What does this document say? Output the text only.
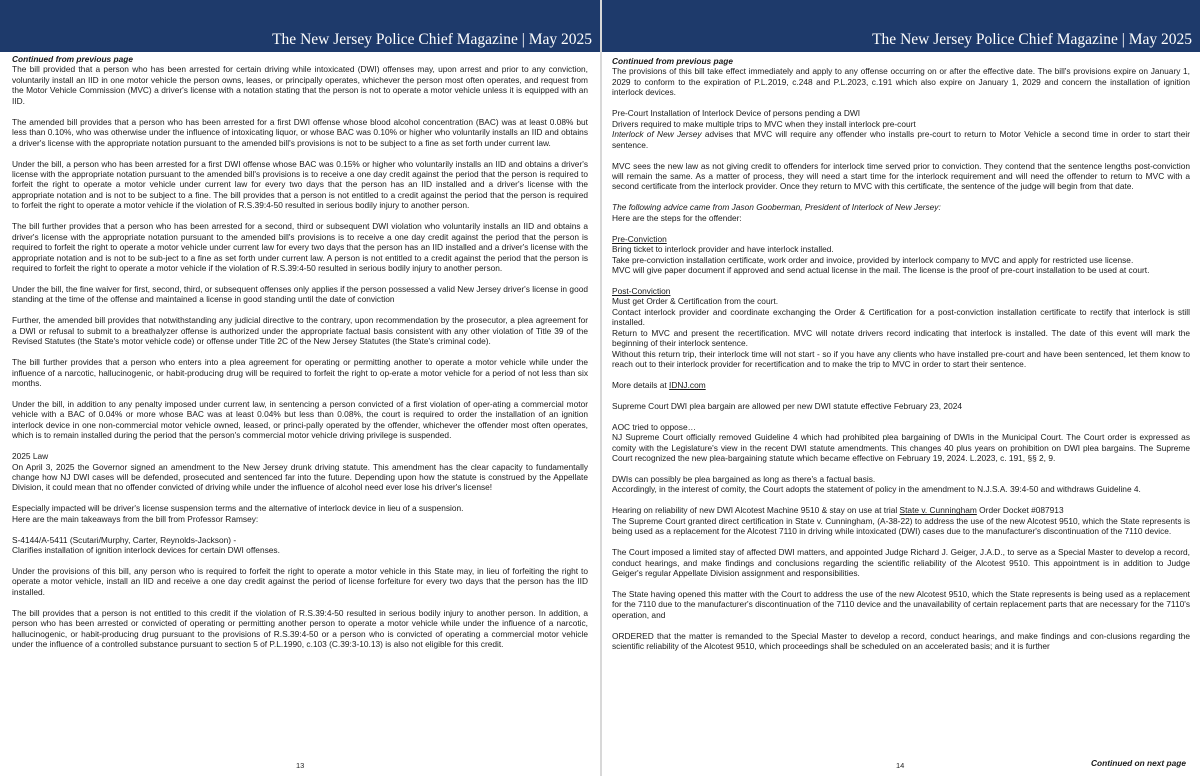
The New Jersey Police Chief Magazine | May 2025

Continued from previous page

The bill provided that a person who has been arrested for certain driving while intoxicated (DWI) offenses may, upon arrest and prior to any conviction, voluntarily install an IID in one motor vehicle the person owns, leases, or principally operates, whichever the person most often operates, and request from the Motor Vehicle Commission (MVC) a driver's license with a notation stating that the person is not to operate a motor vehicle unless it is equipped with an IID.

The amended bill provides that a person who has been arrested for a first DWI offense whose blood alcohol concentration (BAC) was at least 0.08% but less than 0.10%, who was otherwise under the influence of intoxicating liquor, or whose BAC was 0.10% or higher who voluntarily installs an IID and obtains a driver's license with the appropriate notation pursuant to the amended bill's provisions is not to be subject to a fine as set forth under current law.

Under the bill, a person who has been arrested for a first DWI offense whose BAC was 0.15% or higher who voluntarily installs an IID and obtains a driver's license with the appropriate notation pursuant to the amended bill's provisions is to receive a one day credit against the period that the person is required to forfeit the right to operate a motor vehicle under current law for every two days that the person has an IID installed and a driver's license with the appropriate notation and is not to be subject to a fine. The bill provides that a person is not entitled to a credit against the period that the person is required to forfeit the right to operate a motor vehicle if the violation of R.S.39:4-50 resulted in serious bodily injury to another person.

The bill further provides that a person who has been arrested for a second, third or subsequent DWI violation who voluntarily installs an IID and obtains a driver's license with the appropriate notation pursuant to the amended bill's provisions is to receive a one day credit against the period that the person is required to forfeit the right to operate a motor vehicle under current law for every two days that the person has an IID installed and a driver's license with the appropriate notation and is not to be sub-ject to a fine as set forth under current law. A person is not entitled to a credit against the period that the person is required to forfeit the right to operate a motor vehicle if the violation of R.S.39:4-50 resulted in serious bodily injury to another person.

Under the bill, the fine waiver for first, second, third, or subsequent offenses only applies if the person possessed a valid New Jersey driver's license in good standing at the time of the offense and maintained a license in good standing until the date of conviction

Further, the amended bill provides that notwithstanding any judicial directive to the contrary, upon recommendation by the prosecutor, a plea agreement for a DWI or refusal to submit to a breathalyzer offense is authorized under the appropriate factual basis consistent with any other violation of Title 39 of the Revised Statutes (the State's motor vehicle code) or offense under Title 2C of the New Jersey Statutes (the State's criminal code).

The bill further provides that a person who enters into a plea agreement for operating or permitting another to operate a motor vehicle while under the influence of a narcotic, hallucinogenic, or habit-producing drug will be required to forfeit the right to op-erate a motor vehicle for a period of not less than six months.

Under the bill, in addition to any penalty imposed under current law, in sentencing a person convicted of a first violation of oper-ating a commercial motor vehicle with a BAC of 0.04% or more whose BAC was at least 0.04% but less than 0.08%, the court is required to order the installation of an ignition interlock device in one non-commercial motor vehicle owned, leased, or princi-pally operated by the offender, whichever the offender most often operates, which is to remain installed during the period that the person's commercial motor vehicle driving privilege is suspended.

2025 Law

On April 3, 2025 the Governor signed an amendment to the New Jersey drunk driving statute. This amendment has the clear capacity to fundamentally change how NJ DWI cases will be defended, prosecuted and sentenced far into the future. Depending upon how the statute is construed by the Appellate Division, it could mean that no offender convicted of driving while under the influence of alcohol need ever lose his driver's license!

Especially impacted will be driver's license suspension terms and the alternative of interlock device in lieu of a suspension.

Here are the main takeaways from the bill from Professor Ramsey:

S-4144/A-5411 (Scutari/Murphy, Carter, Reynolds-Jackson) -

Clarifies installation of ignition interlock devices for certain DWI offenses.

Under the provisions of this bill, any person who is required to forfeit the right to operate a motor vehicle in this State may, in lieu of forfeiting the right to operate a motor vehicle, install an IID and receive a one day credit against the period of license forfeiture for every two days that the person has the IID installed.

The bill provides that a person is not entitled to this credit if the violation of R.S.39:4-50 resulted in serious bodily injury to another person. In addition, a person who has been arrested or convicted of operating or permitting another person to operate a motor vehicle while under the influence of a narcotic, hallucinogenic, or habit-producing drug pursuant to the provisions of R.S.39:4-50 or a person who is convicted of operating a commercial motor vehicle under the influence of a controlled substance pursuant to section 5 of P.L.1990, c.103 (C.39:3-10.13) is also not eligible for this credit.

13
The New Jersey Police Chief Magazine | May 2025

Continued from previous page

The provisions of this bill take effect immediately and apply to any offense occurring on or after the effective date. The bill's provisions expire on January 1, 2029 to conform to the expiration of P.L.2019, c.248 and P.L.2023, c.191 which also expire on January 1, 2029 and concern the installation of ignition interlock devices.

Pre-Court Installation of Interlock Device of persons pending a DWI

Drivers required to make multiple trips to MVC when they install interlock pre-court

Interlock of New Jersey advises that MVC will require any offender who installs pre-court to return to Motor Vehicle a second time in order to start their sentence.

MVC sees the new law as not giving credit to offenders for interlock time served prior to conviction. They contend that the sentence lengths post-conviction will remain the same. As a matter of process, they will need a start time for the interlock requirement and will need the offender to return to MVC with a second certificate from the interlock provider. Once they return to MVC with this certificate, the sentence of the judge will begin from that date.

The following advice came from Jason Gooberman, President of Interlock of New Jersey:

Here are the steps for the offender:

Pre-Conviction

Bring ticket to interlock provider and have interlock installed.

Take pre-conviction installation certificate, work order and invoice, provided by interlock company to MVC and apply for restricted use license.

MVC will give paper document if approved and send actual license in the mail. The license is the proof of pre-court installation to be used at court.

Post-Conviction

Must get Order & Certification from the court.

Contact interlock provider and coordinate exchanging the Order & Certification for a post-conviction installation certificate to rectify that interlock is still installed.

Return to MVC and present the recertification. MVC will notate drivers record indicating that interlock is installed. The date of this event will mark the beginning of their interlock sentence.

Without this return trip, their interlock time will not start - so if you have any clients who have installed pre-court and have been sentenced, let them know to reach out to their interlock provider for recertification and to make the trip to MVC in order to start their sentence.

More details at IDNJ.com

Supreme Court DWI plea bargain are allowed per new DWI statute effective February 23, 2024

AOC tried to oppose…

NJ Supreme Court officially removed Guideline 4 which had prohibited plea bargaining of DWIs in the Municipal Court. The Court order is expressed as comity with the Legislature's view in the recent DWI statute amendments. This changes 40 plus years on prohibition on DWI plea bargains. The Supreme Court recognized the new plea-bargaining statute which became effective on February 19, 2024. L.2023, c. 191, §§ 2, 9.

DWIs can possibly be plea bargained as long as there's a factual basis.

Accordingly, in the interest of comity, the Court adopts the statement of policy in the amendment to N.J.S.A. 39:4-50 and withdraws Guideline 4.

Hearing on reliability of new DWI Alcotest Machine 9510 & stay on use at trial State v. Cunningham Order Docket #087913

The Supreme Court granted direct certification in State v. Cunningham, (A-38-22) to address the use of the new Alcotest 9510, which the State represents is being used as a replacement for the Alcotest 7110 in driving while intoxicated (DWI) cases due to the manufacturer's discontinuation of the 7110 device.

The Court imposed a limited stay of affected DWI matters, and appointed Judge Richard J. Geiger, J.A.D., to serve as a Special Master to develop a record, conduct hearings, and make findings and conclusions regarding the scientific reliability of the Alcotest 9510. This appointment is in addition to Judge Geiger's regular Appellate Division assignment and responsibilities.

The State having opened this matter with the Court to address the use of the new Alcotest 9510, which the State represents is being used as a replacement for the 7110 due to the manufacturer's discontinuation of the 7110 device and the unavailability of certain replacement parts that are necessary for the 7110's operation, and

ORDERED that the matter is remanded to the Special Master to develop a record, conduct hearings, and make findings and con-clusions regarding the scientific reliability of the Alcotest 9510, which proceedings shall be scheduled on an accelerated basis; and it is further

14	Continued on next page
